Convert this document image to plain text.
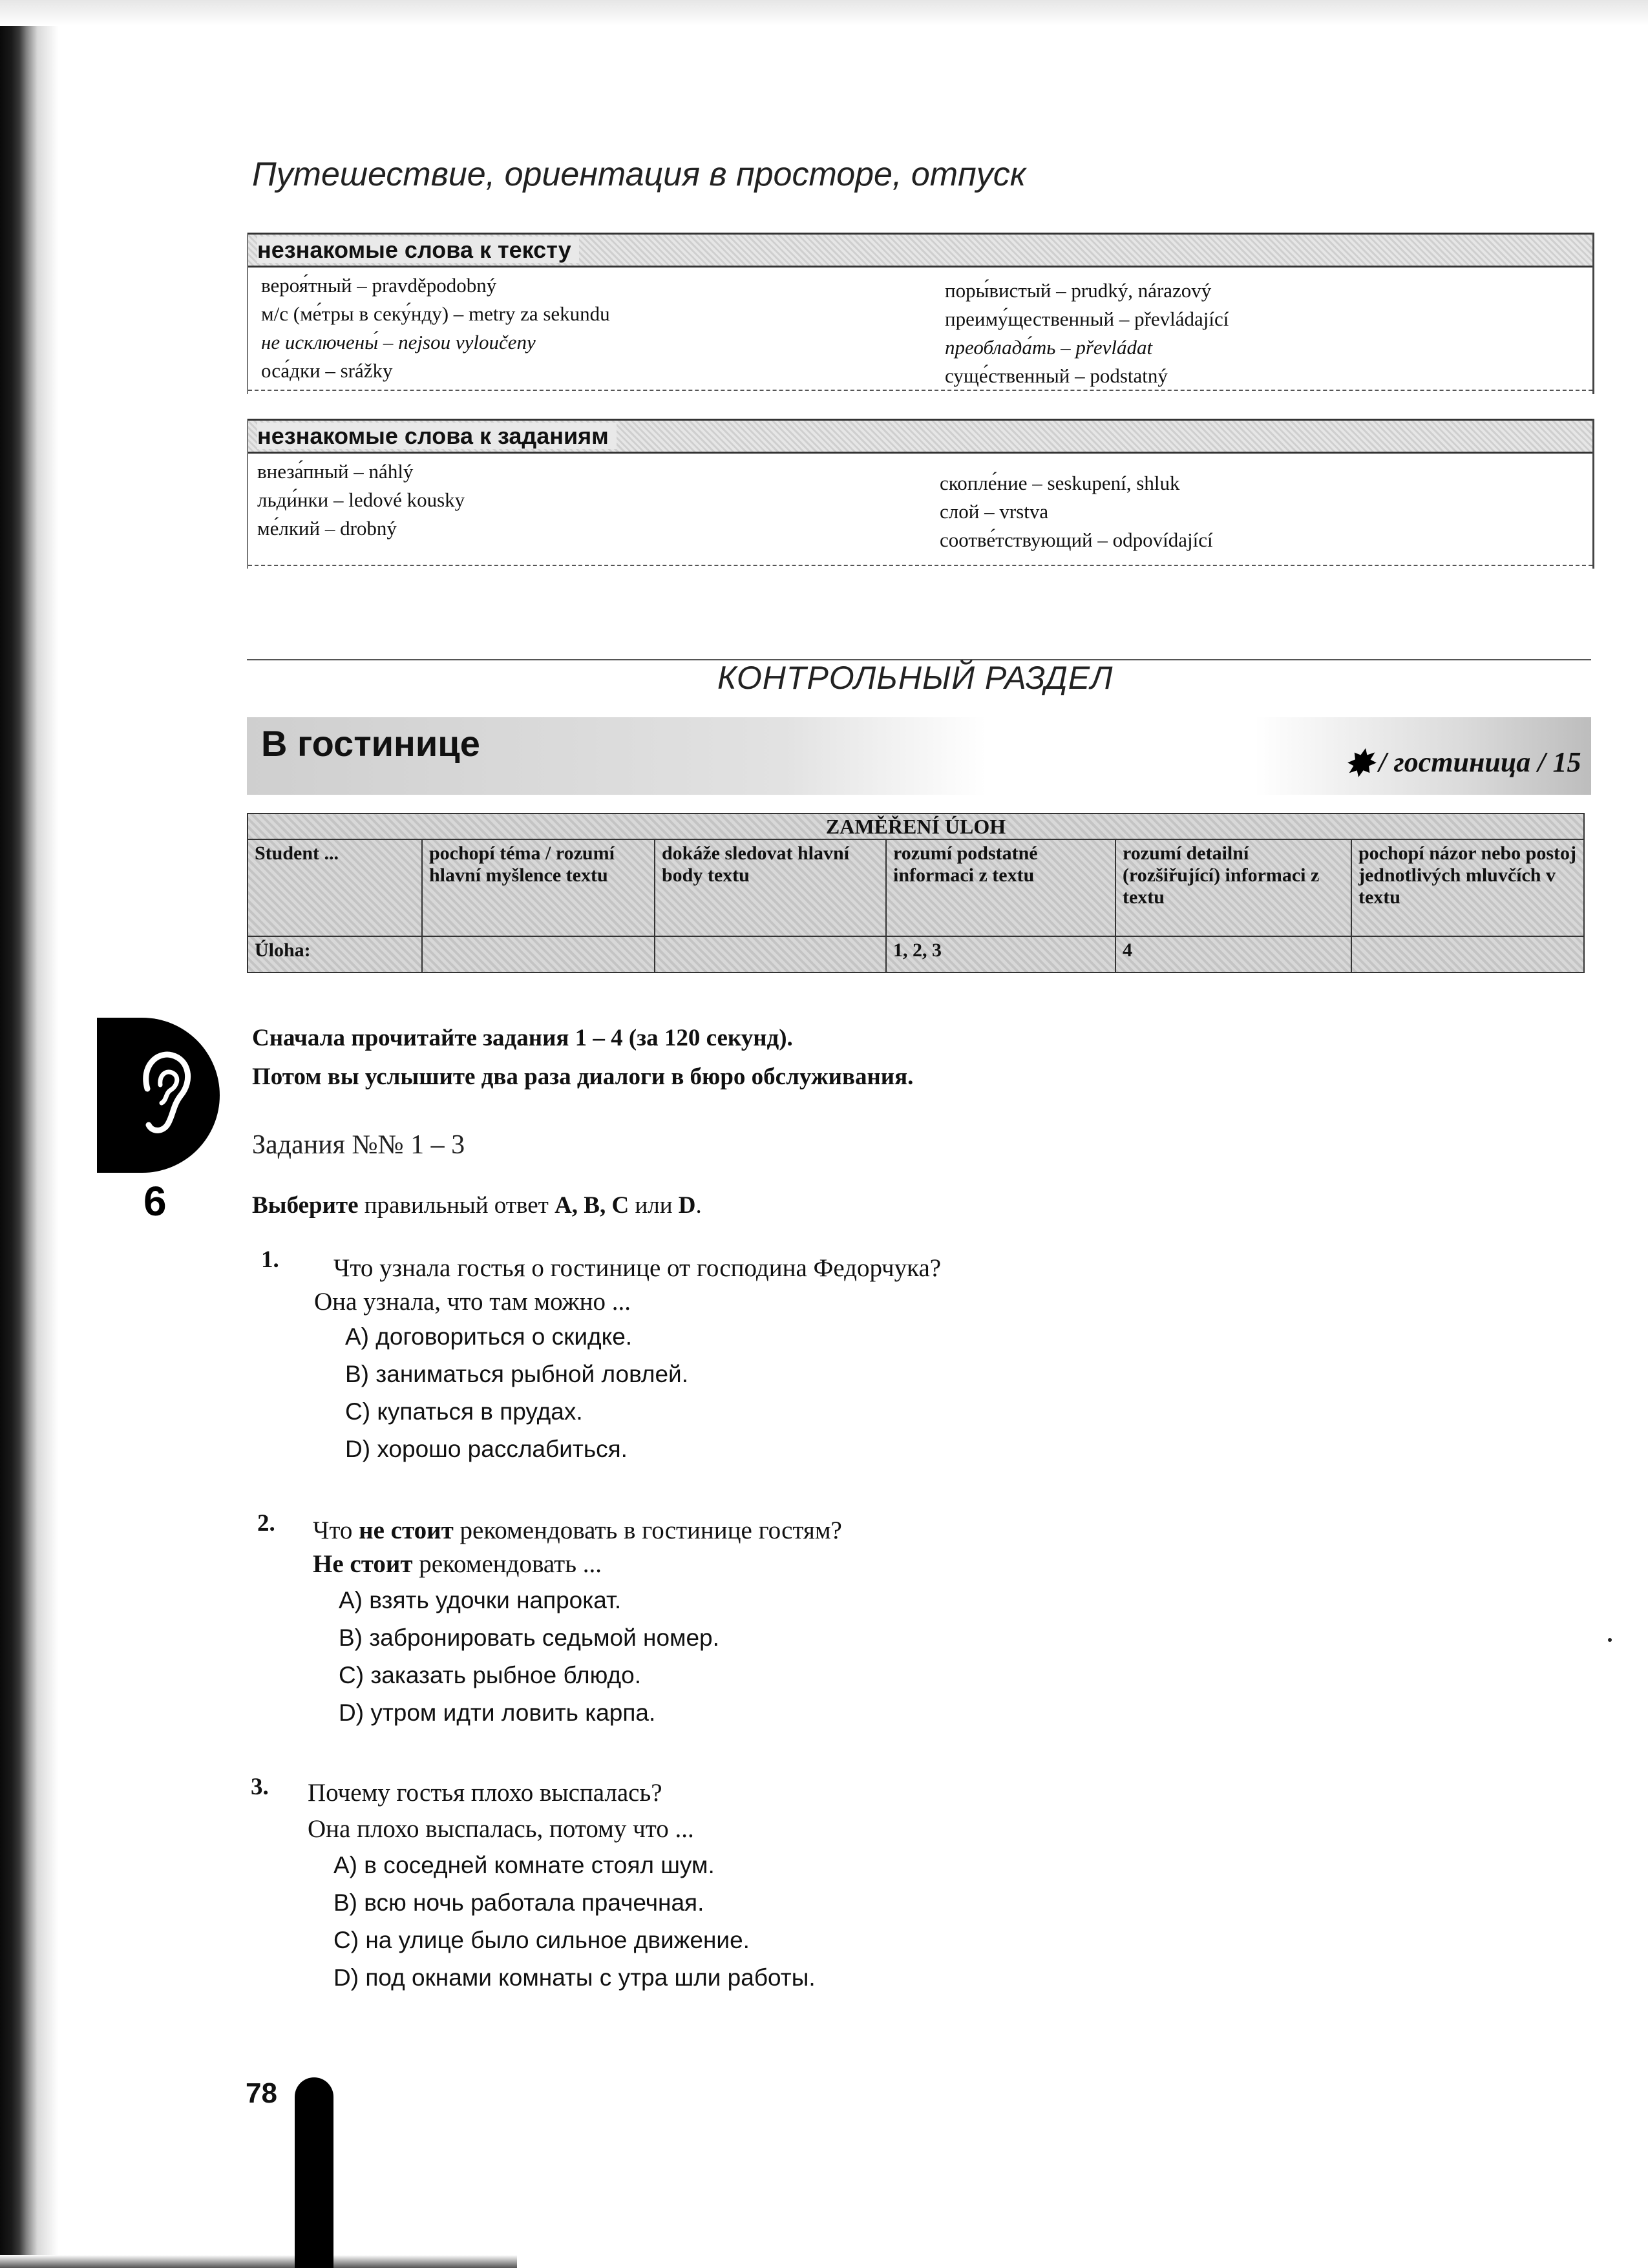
Путешествие, ориентация в просторе, отпуск
незнакомые слова к тексту
вероя́тный – pravděpodobný
м/с (ме́тры в секу́нду) – metry za sekundu
не исключены́ – nejsou vyloučeny
оса́дки – srážky
поры́вистый – prudký, nárazový
преиму́щественный – převládající
преоблада́ть – převládat
суще́ственный – podstatný
незнакомые слова к заданиям
внеза́пный – náhlý
льди́нки – ledové kousky
ме́лкий – drobný
скопле́ние – seskupení, shluk
слой – vrstva
соотве́тствующий – odpovídající
КОНТРОЛЬНЫЙ РАЗДЕЛ
В гостинице	✸ / гостиница / 15
ZAMĚŘENÍ ÚLOH					
Student ...	pochopí téma / rozumí hlavní myšlence textu	dokáže sledovat hlavní body textu	rozumí podstatné informaci z textu	rozumí detailní (rozšiřující) informaci z textu	pochopí názor nebo postoj jednotlivých mluvčích v textu
Úloha:			1, 2, 3	4	
6
Сначала прочитайте задания 1 – 4 (за 120 секунд).
Потом вы услышите два раза диалоги в бюро обслуживания.
Задания №№ 1 – 3
Выберите правильный ответ A, B, C или D.
1. Что узнала гостья о гостинице от господина Федорчука?
Она узнала, что там можно ...
A) договориться о скидке.
B) заниматься рыбной ловлей.
C) купаться в прудах.
D) хорошо расслабиться.
2. Что не стоит рекомендовать в гостинице гостям?
Не стоит рекомендовать ...
A) взять удочки напрокат.
B) забронировать седьмой номер.
C) заказать рыбное блюдо.
D) утром идти ловить карпа.
3. Почему гостья плохо выспалась?
Она плохо выспалась, потому что ...
A) в соседней комнате стоял шум.
B) всю ночь работала прачечная.
C) на улице было сильное движение.
D) под окнами комнаты с утра шли работы.
78
